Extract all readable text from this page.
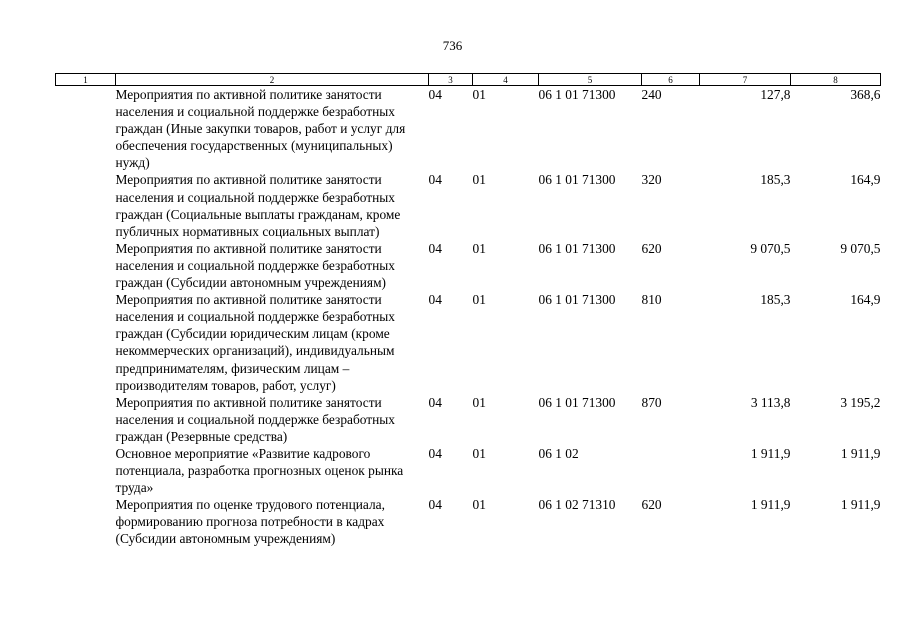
736
1	2	3	4	5	6	7	8
	Мероприятия по активной политике занятости населения и социальной поддержке безработных граждан (Иные закупки товаров, работ и услуг для обеспечения государственных (муниципальных) нужд)	04	01	06 1 01 71300	240	127,8	368,6
	Мероприятия по активной политике занятости населения и социальной поддержке безработных граждан (Социальные выплаты гражданам, кроме публичных нормативных социальных выплат)	04	01	06 1 01 71300	320	185,3	164,9
	Мероприятия по активной политике занятости населения и социальной поддержке безработных граждан (Субсидии автономным учреждениям)	04	01	06 1 01 71300	620	9 070,5	9 070,5
	Мероприятия по активной политике занятости населения и социальной поддержке безработных граждан (Субсидии юридическим лицам (кроме некоммерческих организаций), индивидуальным предпринимателям, физическим лицам – производителям товаров, работ, услуг)	04	01	06 1 01 71300	810	185,3	164,9
	Мероприятия по активной политике занятости населения и социальной поддержке безработных граждан (Резервные средства)	04	01	06 1 01 71300	870	3 113,8	3 195,2
	Основное мероприятие «Развитие кадрового потенциала, разработка прогнозных оценок рынка труда»	04	01	06 1 02		1 911,9	1 911,9
	Мероприятия по оценке трудового потенциала, формированию прогноза потребности в кадрах (Субсидии автономным учреждениям)	04	01	06 1 02 71310	620	1 911,9	1 911,9
